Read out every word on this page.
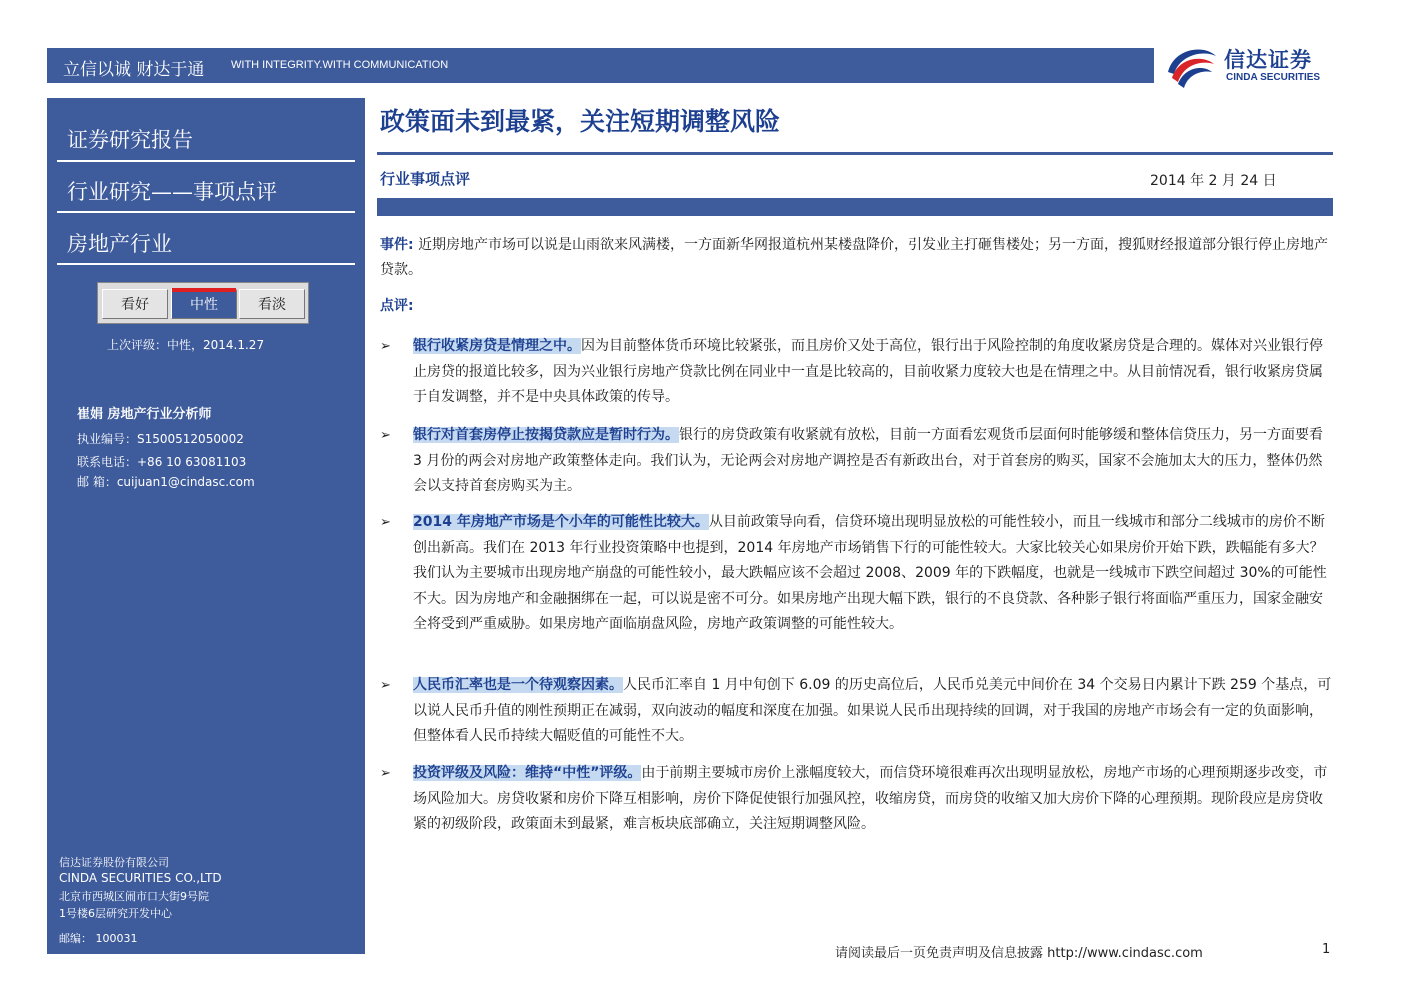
立信以诚 财达于通 WITH INTEGRITY.WITH COMMUNICATION	信达证券
CINDA SECURITIES
证券研究报告
行业研究——事项点评
房地产行业
看好	中性	看淡
上次评级：中性，2014.1.27
崔娟 房地产行业分析师
执业编号：S1500512050002
联系电话：+86 10 63081103
邮 箱：cuijuan1@cindasc.com
信达证券股份有限公司
CINDA SECURITIES CO.,LTD
北京市西城区闹市口大街9号院
1号楼6层研究开发中心
邮编： 100031
政策面未到最紧，关注短期调整风险
行业事项点评	2014 年 2 月 24 日
事件: 近期房地产市场可以说是山雨欲来风满楼，一方面新华网报道杭州某楼盘降价，引发业主打砸售楼处；另一方面，搜狐财经报道部分银行停止房地产贷款。
点评:
➢ 银行收紧房贷是情理之中。因为目前整体货币环境比较紧张，而且房价又处于高位，银行出于风险控制的角度收紧房贷是合理的。媒体对兴业银行停止房贷的报道比较多，因为兴业银行房地产贷款比例在同业中一直是比较高的，目前收紧力度较大也是在情理之中。从目前情况看，银行收紧房贷属于自发调整，并不是中央具体政策的传导。
➢ 银行对首套房停止按揭贷款应是暂时行为。银行的房贷政策有收紧就有放松，目前一方面看宏观货币层面何时能够缓和整体信贷压力，另一方面要看 3 月份的两会对房地产政策整体走向。我们认为，无论两会对房地产调控是否有新政出台，对于首套房的购买，国家不会施加太大的压力，整体仍然会以支持首套房购买为主。
➢ 2014 年房地产市场是个小年的可能性比较大。从目前政策导向看，信贷环境出现明显放松的可能性较小，而且一线城市和部分二线城市的房价不断创出新高。我们在 2013 年行业投资策略中也提到，2014 年房地产市场销售下行的可能性较大。大家比较关心如果房价开始下跌，跌幅能有多大？我们认为主要城市出现房地产崩盘的可能性较小，最大跌幅应该不会超过 2008、2009 年的下跌幅度，也就是一线城市下跌空间超过 30%的可能性不大。因为房地产和金融捆绑在一起，可以说是密不可分。如果房地产出现大幅下跌，银行的不良贷款、各种影子银行将面临严重压力，国家金融安全将受到严重威胁。如果房地产面临崩盘风险，房地产政策调整的可能性较大。
➢ 人民币汇率也是一个待观察因素。人民币汇率自 1 月中旬创下 6.09 的历史高位后，人民币兑美元中间价在 34 个交易日内累计下跌 259 个基点，可以说人民币升值的刚性预期正在减弱，双向波动的幅度和深度在加强。如果说人民币出现持续的回调，对于我国的房地产市场会有一定的负面影响，但整体看人民币持续大幅贬值的可能性不大。
➢ 投资评级及风险：维持“中性”评级。由于前期主要城市房价上涨幅度较大，而信贷环境很难再次出现明显放松，房地产市场的心理预期逐步改变，市场风险加大。房贷收紧和房价下降互相影响，房价下降促使银行加强风控，收缩房贷，而房贷的收缩又加大房价下降的心理预期。现阶段应是房贷收紧的初级阶段，政策面未到最紧，难言板块底部确立，关注短期调整风险。
请阅读最后一页免责声明及信息披露 http://www.cindasc.com	1
